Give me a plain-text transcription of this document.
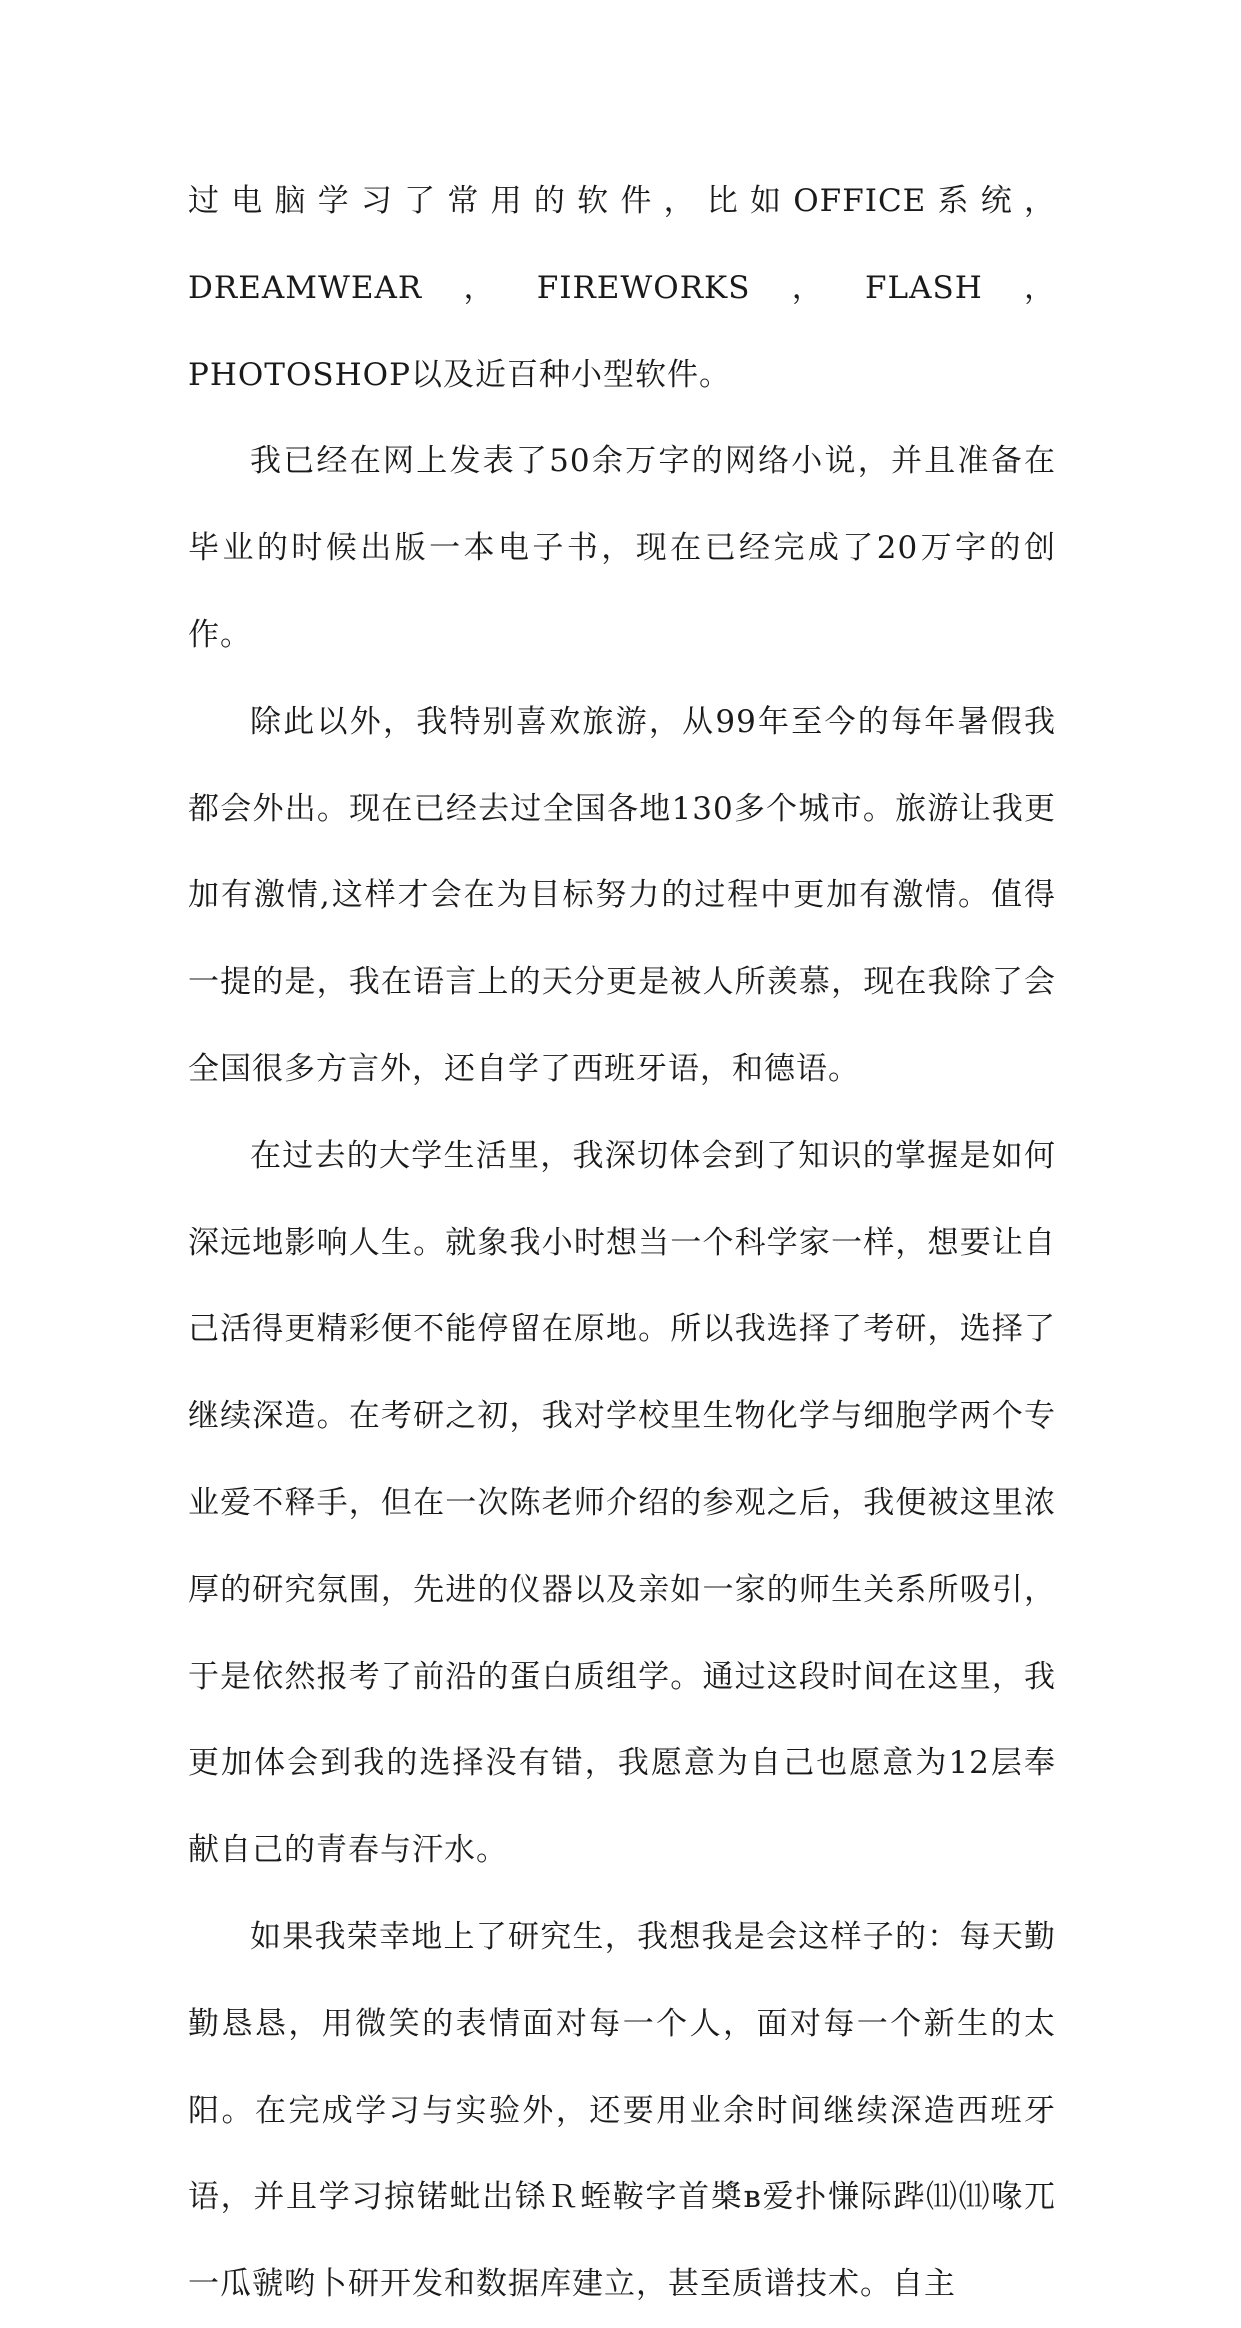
过电脑学习了常用的软件，比如OFFICE系统，DREAMWEAR，FIREWORKS，FLASH，PHOTOSHOP以及近百种小型软件。

我已经在网上发表了50余万字的网络小说，并且准备在毕业的时候出版一本电子书，现在已经完成了20万字的创作。

除此以外，我特别喜欢旅游，从99年至今的每年暑假我都会外出。现在已经去过全国各地130多个城市。旅游让我更加有激情,这样才会在为目标努力的过程中更加有激情。值得一提的是，我在语言上的天分更是被人所羡慕，现在我除了会全国很多方言外，还自学了西班牙语，和德语。

在过去的大学生活里，我深切体会到了知识的掌握是如何深远地影响人生。就象我小时想当一个科学家一样，想要让自己活得更精彩便不能停留在原地。所以我选择了考研，选择了继续深造。在考研之初，我对学校里生物化学与细胞学两个专业爱不释手，但在一次陈老师介绍的参观之后，我便被这里浓厚的研究氛围，先进的仪器以及亲如一家的师生关系所吸引，于是依然报考了前沿的蛋白质组学。通过这段时间在这里，我更加体会到我的选择没有错，我愿意为自己也愿意为12层奉献自己的青春与汗水。

如果我荣幸地上了研究生，我想我是会这样子的：每天勤勤恳恳，用微笑的表情面对每一个人，面对每一个新生的太阳。在完成学习与实验外，还要用业余时间继续深造西班牙语，并且学习掠锘蚍岀铩Ｒ蛭鞍字首槳в爱扑慊际跸⑾⑾喙兀一瓜虢哟卜研开发和数据库建立，甚至质谱技术。自主
